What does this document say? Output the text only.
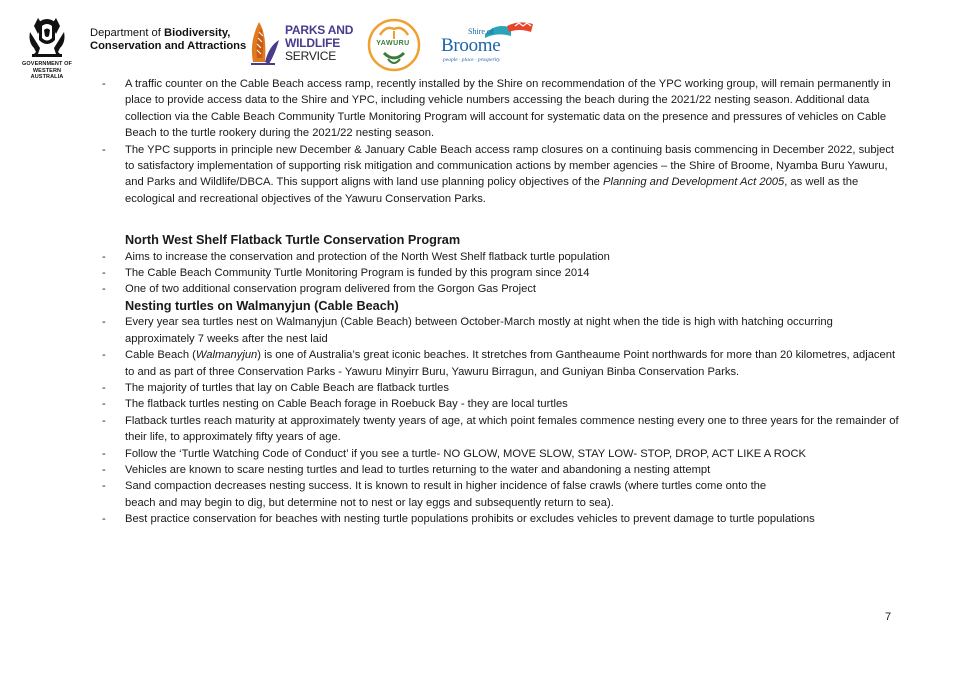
GOVERNMENT OF
WESTERN AUSTRALIA
Department of Biodiversity,
Conservation and Attractions
PARKS AND
WILDLIFE
SERVICE
YAWURU
Shire of
Broome
people · place · prosperity
- A traffic counter on the Cable Beach access ramp, recently installed by the Shire on recommendation of the YPC working group, will remain permanently in place to provide access data to the Shire and YPC, including vehicle numbers accessing the beach during the 2021/22 nesting season. Additional data collection via the Cable Beach Community Turtle Monitoring Program will account for systematic data on the presence and pressures of vehicles on Cable Beach to the turtle rookery during the 2021/22 nesting season.
- The YPC supports in principle new December & January Cable Beach access ramp closures on a continuing basis commencing in December 2022, subject to satisfactory implementation of supporting risk mitigation and communication actions by member agencies – the Shire of Broome, Nyamba Buru Yawuru, and Parks and Wildlife/DBCA. This support aligns with land use planning policy objectives of the Planning and Development Act 2005, as well as the ecological and recreational objectives of the Yawuru Conservation Parks.
North West Shelf Flatback Turtle Conservation Program
- Aims to increase the conservation and protection of the North West Shelf flatback turtle population
- The Cable Beach Community Turtle Monitoring Program is funded by this program since 2014
- One of two additional conservation program delivered from the Gorgon Gas Project
Nesting turtles on Walmanyjun (Cable Beach)
- Every year sea turtles nest on Walmanyjun (Cable Beach) between October-March mostly at night when the tide is high with hatching occurring approximately 7 weeks after the nest laid
- Cable Beach (Walmanyjun) is one of Australia’s great iconic beaches. It stretches from Gantheaume Point northwards for more than 20 kilometres, adjacent to and as part of three Conservation Parks - Yawuru Minyirr Buru, Yawuru Birragun, and Guniyan Binba Conservation Parks.
- The majority of turtles that lay on Cable Beach are flatback turtles
- The flatback turtles nesting on Cable Beach forage in Roebuck Bay - they are local turtles
- Flatback turtles reach maturity at approximately twenty years of age, at which point females commence nesting every one to three years for the remainder of their life, to approximately fifty years of age.
- Follow the ‘Turtle Watching Code of Conduct’ if you see a turtle- NO GLOW, MOVE SLOW, STAY LOW- STOP, DROP, ACT LIKE A ROCK
- Vehicles are known to scare nesting turtles and lead to turtles returning to the water and abandoning a nesting attempt
- Sand compaction decreases nesting success. It is known to result in higher incidence of false crawls (where turtles come onto the
beach and may begin to dig, but determine not to nest or lay eggs and subsequently return to sea).
- Best practice conservation for beaches with nesting turtle populations prohibits or excludes vehicles to prevent damage to turtle populations
7
